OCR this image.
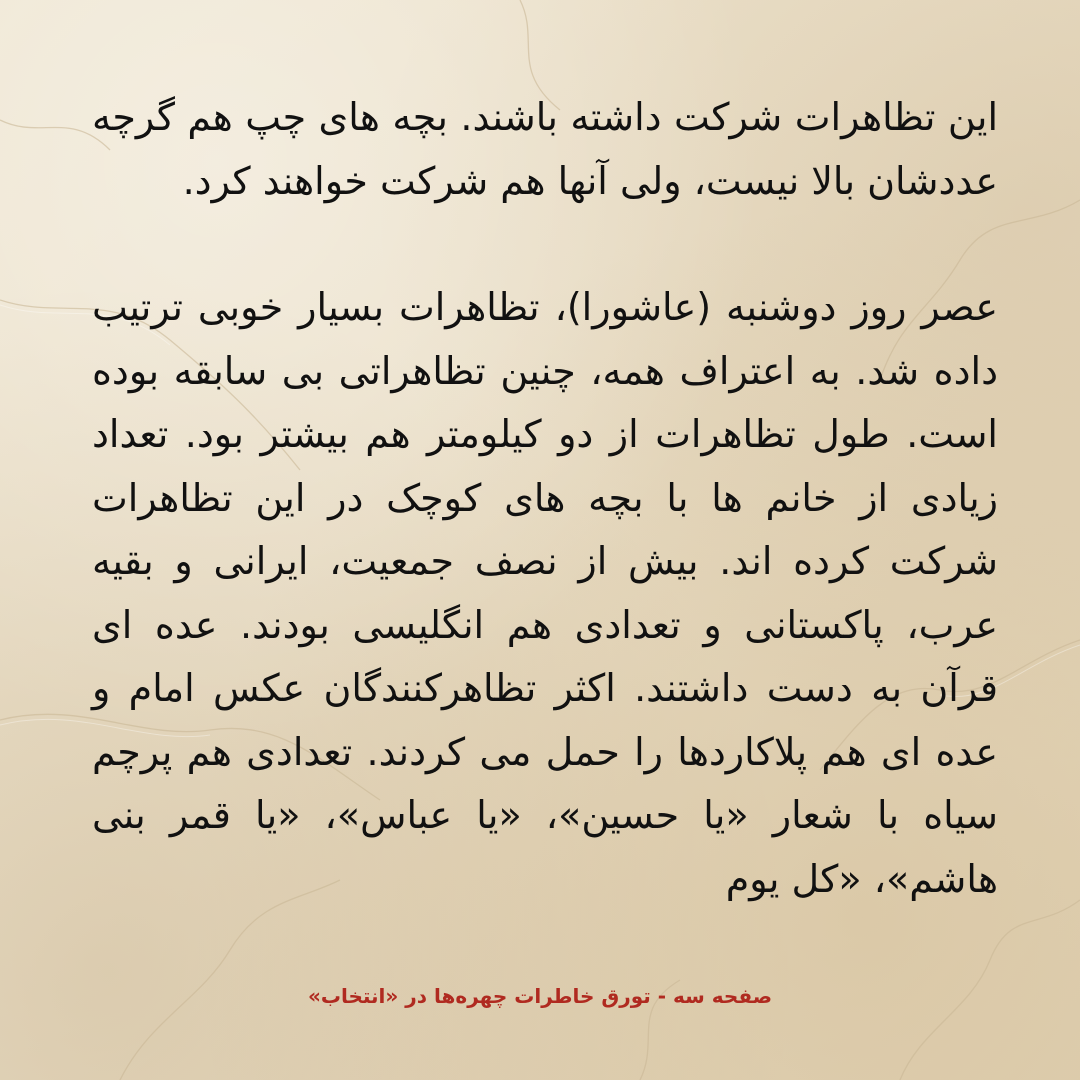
این تظاهرات شرکت داشته باشند. بچه های چپ هم گرچه عددشان بالا نیست، ولی آنها هم شرکت خواهند کرد.

عصر روز دوشنبه (عاشورا)، تظاهرات بسیار خوبی ترتیب داده شد. به اعتراف همه، چنین تظاهراتی بی سابقه بوده است. طول تظاهرات از دو کیلومتر هم بیشتر بود. تعداد زیادی از خانم ها با بچه های کوچک در این تظاهرات شرکت کرده اند. بیش از نصف جمعیت، ایرانی و بقیه عرب، پاکستانی و تعدادی هم انگلیسی بودند. عده ای قرآن به دست داشتند. اکثر تظاهرکنندگان عکس امام و عده ای هم پلاکاردها را حمل می کردند. تعدادی هم پرچم سیاه با شعار «یا حسین»، «یا عباس»، «یا قمر بنی هاشم»، «کل یوم

صفحه سه - تورق خاطرات چهره‌ها در «انتخاب»
